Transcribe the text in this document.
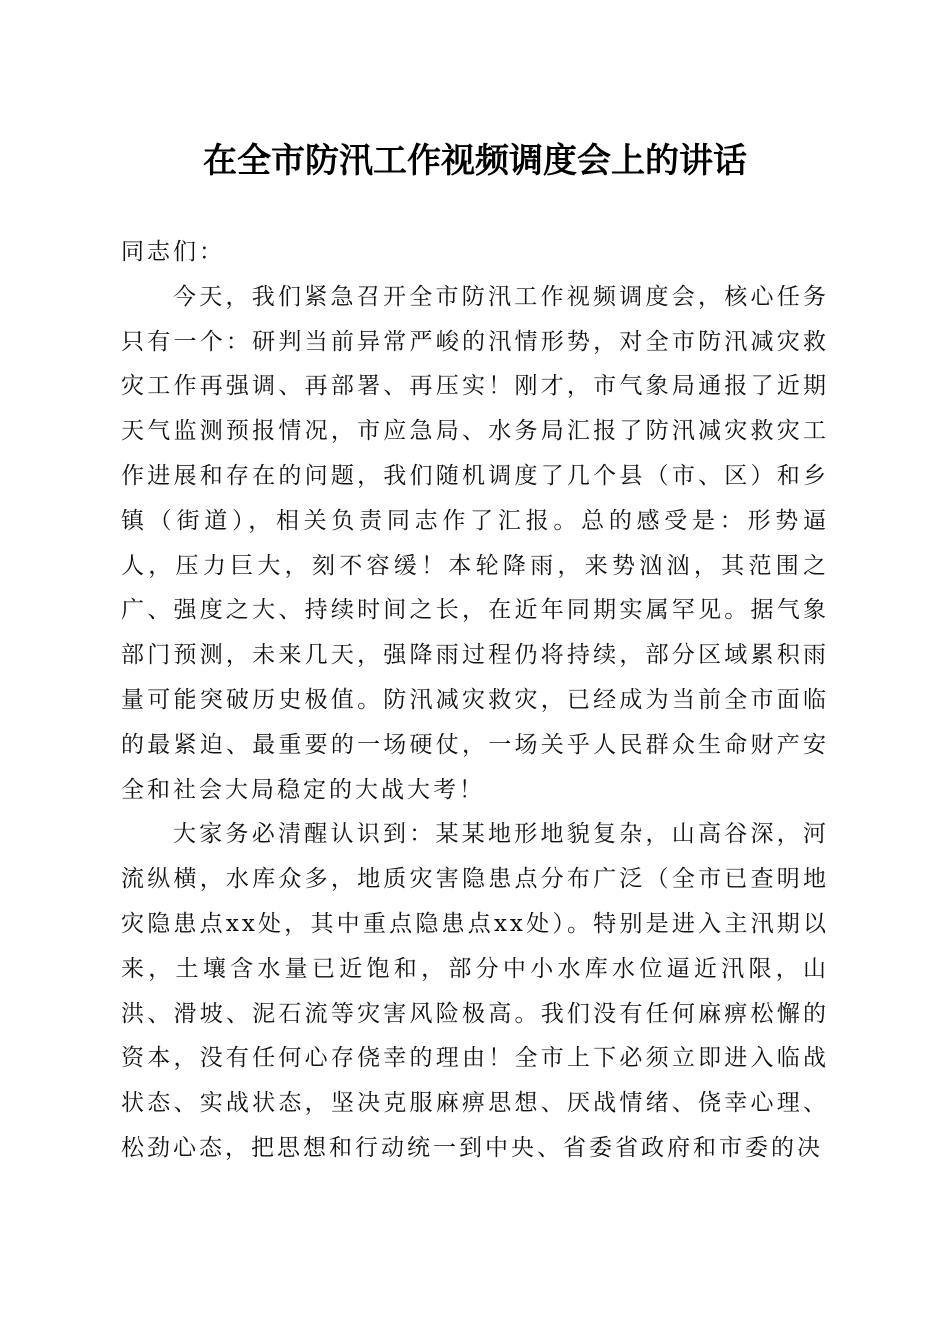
在全市防汛工作视频调度会上的讲话

同志们：

今天，我们紧急召开全市防汛工作视频调度会，核心任务只有一个：研判当前异常严峻的汛情形势，对全市防汛减灾救灾工作再强调、再部署、再压实！刚才，市气象局通报了近期天气监测预报情况，市应急局、水务局汇报了防汛减灾救灾工作进展和存在的问题，我们随机调度了几个县（市、区）和乡镇（街道），相关负责同志作了汇报。总的感受是：形势逼人，压力巨大，刻不容缓！本轮降雨，来势汹汹，其范围之广、强度之大、持续时间之长，在近年同期实属罕见。据气象部门预测，未来几天，强降雨过程仍将持续，部分区域累积雨量可能突破历史极值。防汛减灾救灾，已经成为当前全市面临的最紧迫、最重要的一场硬仗，一场关乎人民群众生命财产安全和社会大局稳定的大战大考！

大家务必清醒认识到：某某地形地貌复杂，山高谷深，河流纵横，水库众多，地质灾害隐患点分布广泛（全市已查明地灾隐患点xx处，其中重点隐患点xx处）。特别是进入主汛期以来，土壤含水量已近饱和，部分中小水库水位逼近汛限，山洪、滑坡、泥石流等灾害风险极高。我们没有任何麻痹松懈的资本，没有任何心存侥幸的理由！全市上下必须立即进入临战状态、实战状态，坚决克服麻痹思想、厌战情绪、侥幸心理、松劲心态，把思想和行动统一到中央、省委省政府和市委的决
